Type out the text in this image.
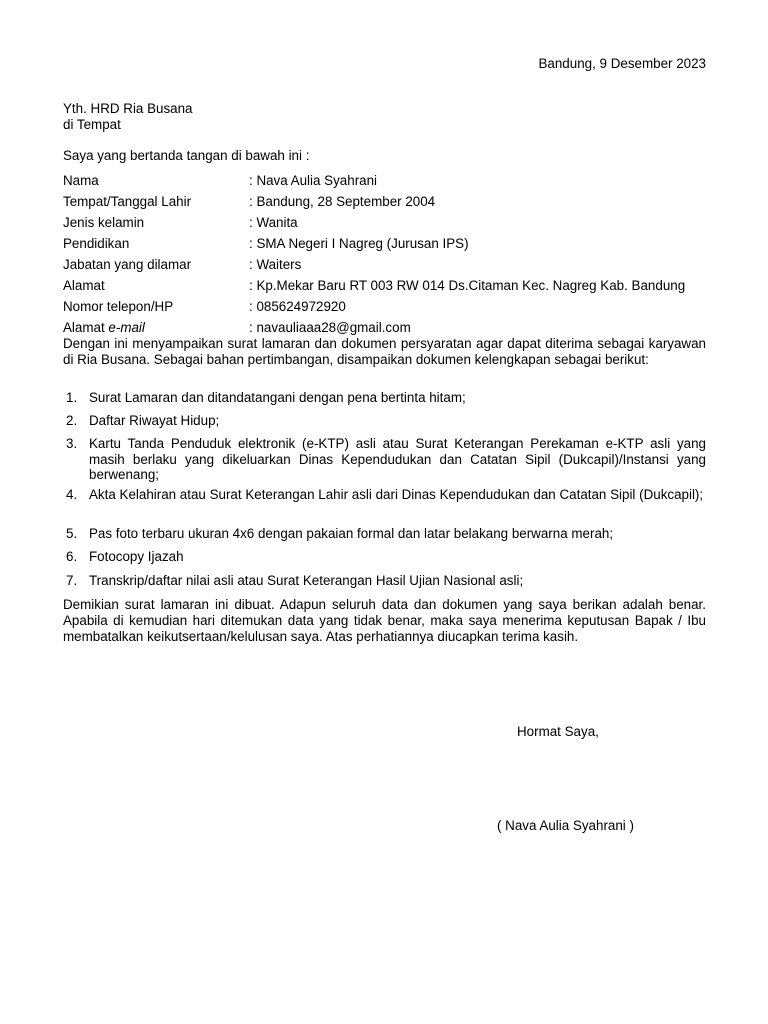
Bandung, 9 Desember 2023
Yth. HRD Ria Busana
di Tempat
Saya yang bertanda tangan di bawah ini :
Nama	: Nava Aulia Syahrani
Tempat/Tanggal Lahir	: Bandung, 28 September 2004
Jenis kelamin	: Wanita
Pendidikan	: SMA Negeri I Nagreg (Jurusan IPS)
Jabatan yang dilamar	: Waiters
Alamat	: Kp.Mekar Baru RT 003 RW 014 Ds.Citaman Kec. Nagreg Kab. Bandung
Nomor telepon/HP	: 085624972920
Alamat e-mail	: navauliaaa28@gmail.com
Dengan ini menyampaikan surat lamaran dan dokumen persyaratan agar dapat diterima sebagai karyawan di Ria Busana. Sebagai bahan pertimbangan, disampaikan dokumen kelengkapan sebagai berikut:
1. Surat Lamaran dan ditandatangani dengan pena bertinta hitam;
2. Daftar Riwayat Hidup;
3. Kartu Tanda Penduduk elektronik (e-KTP) asli atau Surat Keterangan Perekaman e-KTP asli yang masih berlaku yang dikeluarkan Dinas Kependudukan dan Catatan Sipil (Dukcapil)/Instansi yang berwenang;
4. Akta Kelahiran atau Surat Keterangan Lahir asli dari Dinas Kependudukan dan Catatan Sipil (Dukcapil);
5. Pas foto terbaru ukuran 4x6 dengan pakaian formal dan latar belakang berwarna merah;
6. Fotocopy Ijazah
7. Transkrip/daftar nilai asli atau Surat Keterangan Hasil Ujian Nasional asli;
Demikian surat lamaran ini dibuat. Adapun seluruh data dan dokumen yang saya berikan adalah benar. Apabila di kemudian hari ditemukan data yang tidak benar, maka saya menerima keputusan Bapak / Ibu membatalkan keikutsertaan/kelulusan saya. Atas perhatiannya diucapkan terima kasih.
Hormat Saya,
( Nava Aulia Syahrani )
